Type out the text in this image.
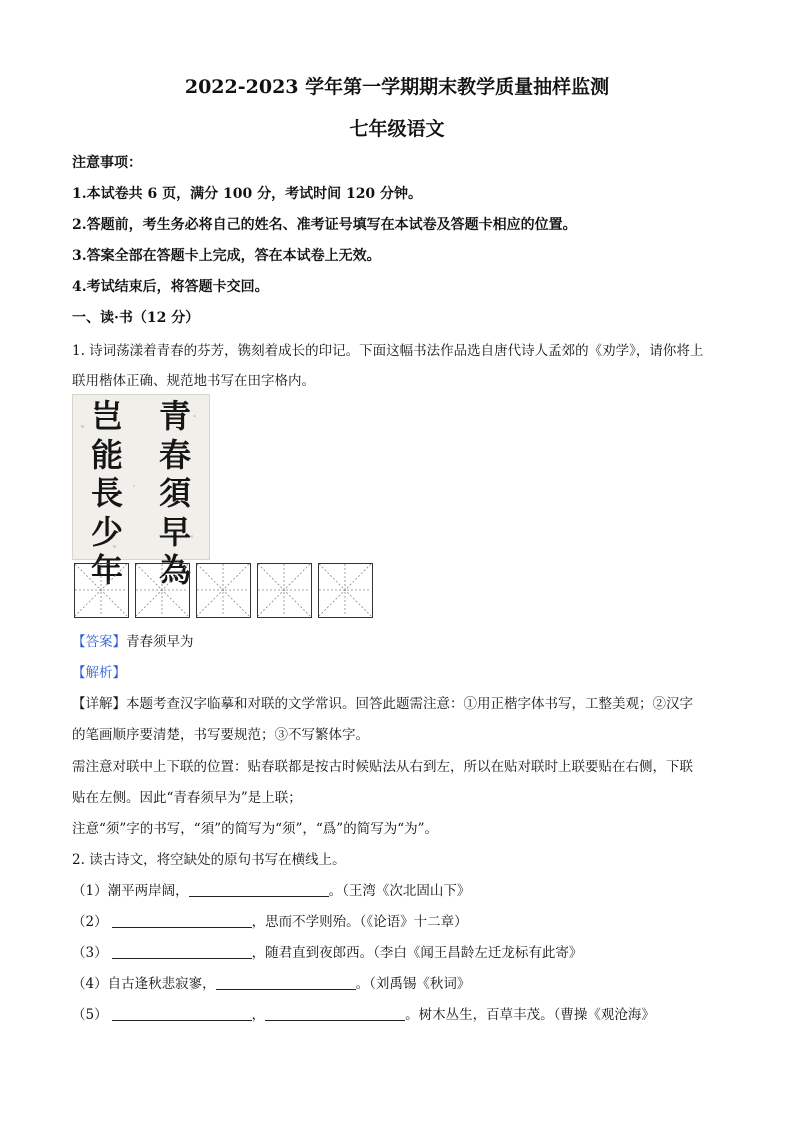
2022-2023 学年第一学期期末教学质量抽样监测
七年级语文
注意事项：
1.本试卷共 6 页，满分 100 分，考试时间 120 分钟。
2.答题前，考生务必将自己的姓名、准考证号填写在本试卷及答题卡相应的位置。
3.答案全部在答题卡上完成，答在本试卷上无效。
4.考试结束后，将答题卡交回。
一、读·书（12 分）
1. 诗词荡漾着青春的芬芳，镌刻着成长的印记。下面这幅书法作品选自唐代诗人孟郊的《劝学》，请你将上
联用楷体正确、规范地书写在田字格内。
岂
能
長
少
年
青
春
須
早
為
【答案】青春须早为
【解析】
【详解】本题考查汉字临摹和对联的文学常识。回答此题需注意：①用正楷字体书写，工整美观；②汉字
的笔画顺序要清楚，书写要规范；③不写繁体字。
需注意对联中上下联的位置：贴春联都是按古时候贴法从右到左，所以在贴对联时上联要贴在右侧，下联
贴在左侧。因此“青春须早为”是上联；
注意“须”字的书写，“須”的简写为“须”，“爲”的简写为“为”。
2. 读古诗文，将空缺处的原句书写在横线上。
（1）潮平两岸阔，	。（王湾《次北固山下》
（2）	，思而不学则殆。（《论语》十二章）
（3）	，随君直到夜郎西。（李白《闻王昌龄左迁龙标有此寄》
（4）自古逢秋悲寂寥，	。（刘禹锡《秋词》
（5）	，	。树木丛生，百草丰茂。（曹操《观沧海》
